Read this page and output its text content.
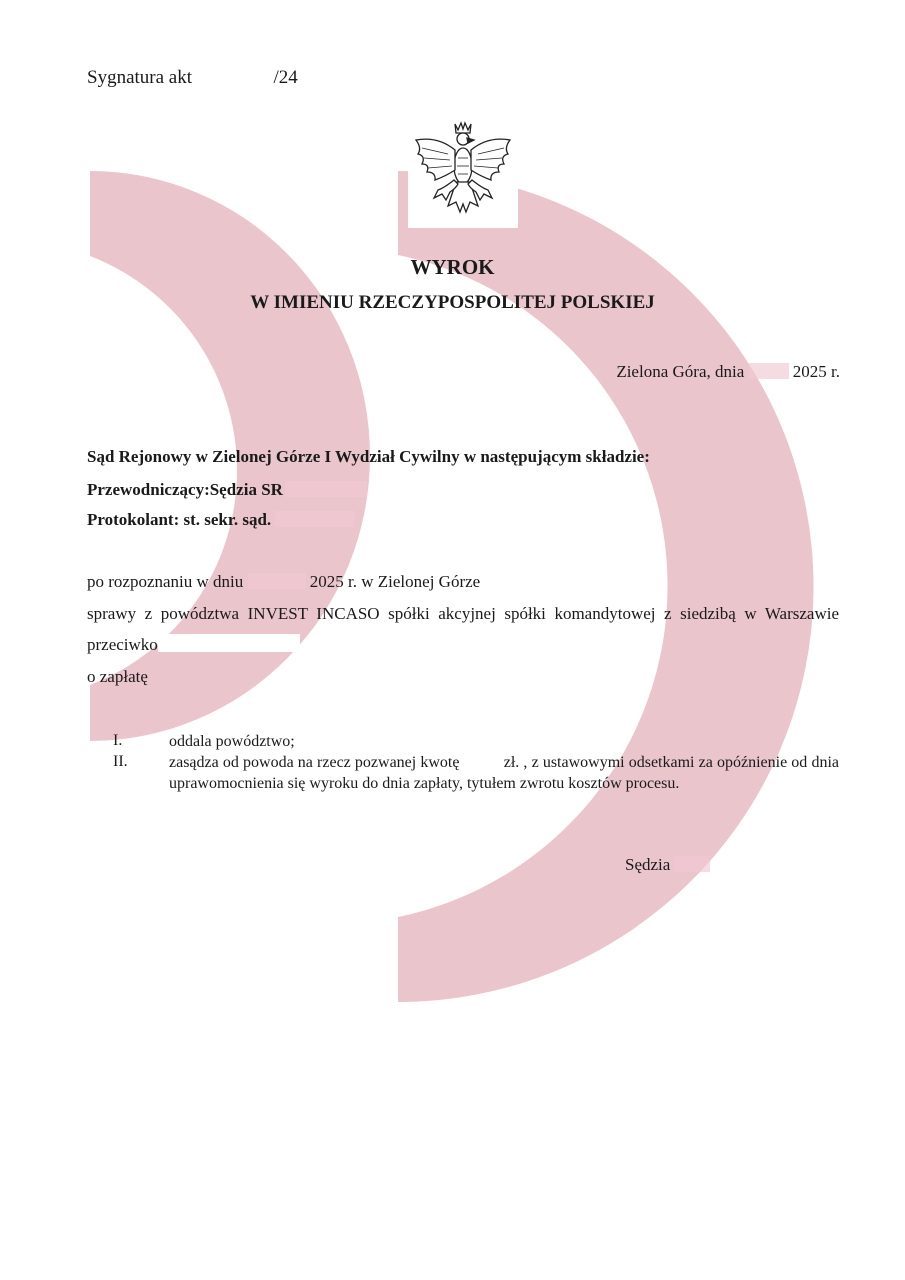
Sygnatura akt	/24
WYROK
W IMIENIU RZECZYPOSPOLITEJ POLSKIEJ
Zielona Góra, dnia	2025 r.
Sąd Rejonowy w Zielonej Górze I Wydział Cywilny w następującym składzie:
Przewodniczący:Sędzia SR
Protokolant: st. sekr. sąd.
po rozpoznaniu w dniu	2025 r. w Zielonej Górze
sprawy z powództwa INVEST INCASO spółki akcyjnej spółki komandytowej z siedzibą w Warszawie
przeciwko
o zapłatę
I.	oddala powództwo;
II.	zasądza od powoda na rzecz pozwanej kwotę	zł. , z ustawowymi odsetkami za opóźnienie od dnia uprawomocnienia się wyroku do dnia zapłaty, tytułem zwrotu kosztów procesu.
Sędzia
